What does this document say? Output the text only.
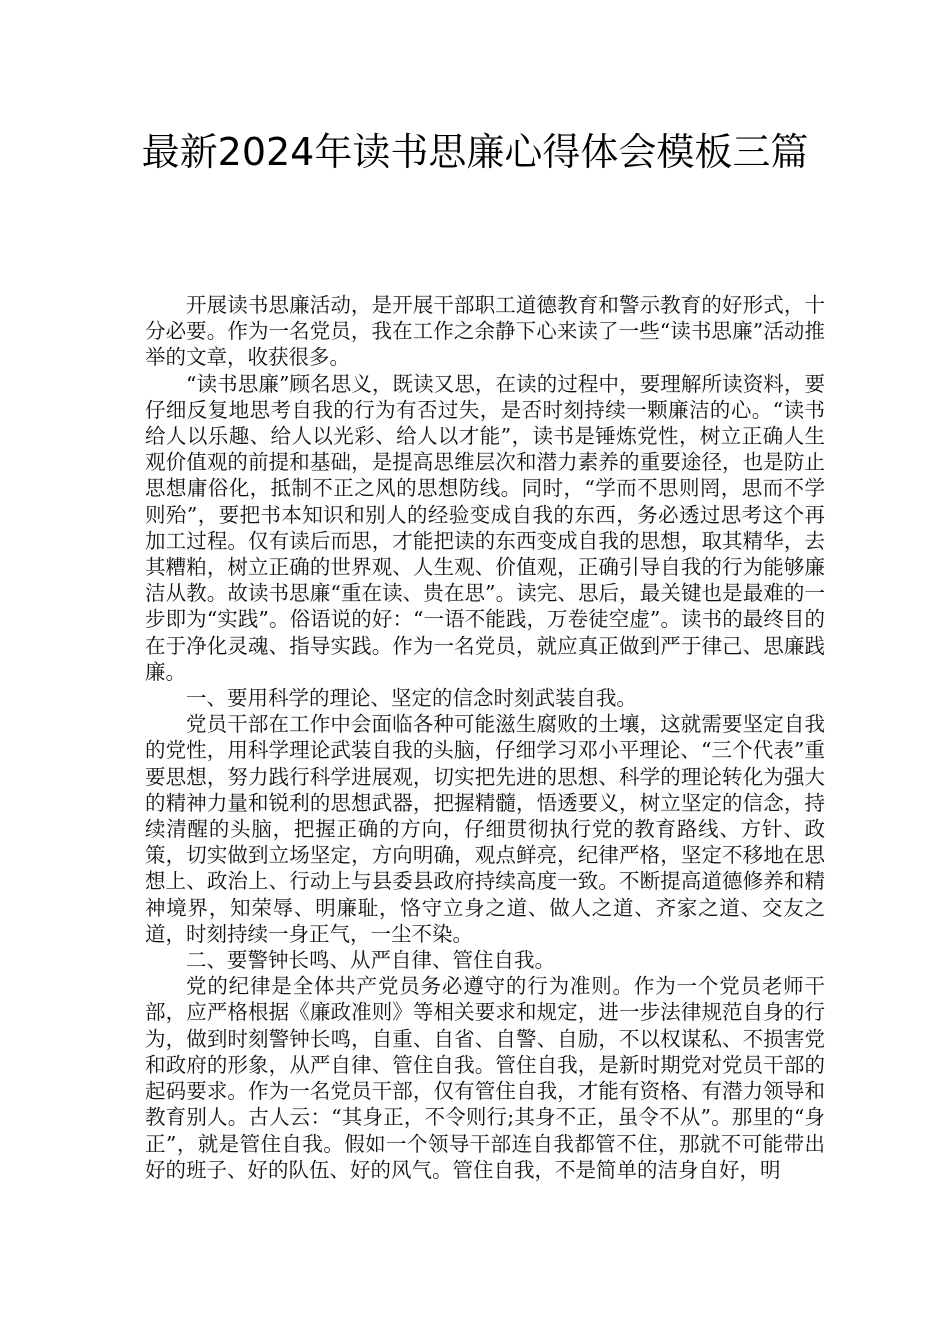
最新2024年读书思廉心得体会模板三篇

开展读书思廉活动，是开展干部职工道德教育和警示教育的好形式，十分必要。作为一名党员，我在工作之余静下心来读了一些“读书思廉”活动推举的文章，收获很多。

“读书思廉”顾名思义，既读又思，在读的过程中，要理解所读资料，要仔细反复地思考自我的行为有否过失，是否时刻持续一颗廉洁的心。“读书给人以乐趣、给人以光彩、给人以才能”，读书是锤炼党性，树立正确人生观价值观的前提和基础，是提高思维层次和潜力素养的重要途径，也是防止思想庸俗化，抵制不正之风的思想防线。同时，“学而不思则罔，思而不学则殆”，要把书本知识和别人的经验变成自我的东西，务必透过思考这个再加工过程。仅有读后而思，才能把读的东西变成自我的思想，取其精华，去其糟粕，树立正确的世界观、人生观、价值观，正确引导自我的行为能够廉洁从教。故读书思廉“重在读、贵在思”。读完、思后，最关键也是最难的一步即为“实践”。俗语说的好：“一语不能践，万卷徒空虚”。读书的最终目的在于净化灵魂、指导实践。作为一名党员，就应真正做到严于律己、思廉践廉。

一、要用科学的理论、坚定的信念时刻武装自我。

党员干部在工作中会面临各种可能滋生腐败的土壤，这就需要坚定自我的党性，用科学理论武装自我的头脑，仔细学习邓小平理论、“三个代表”重要思想，努力践行科学进展观，切实把先进的思想、科学的理论转化为强大的精神力量和锐利的思想武器，把握精髓，悟透要义，树立坚定的信念，持续清醒的头脑，把握正确的方向，仔细贯彻执行党的教育路线、方针、政策，切实做到立场坚定，方向明确，观点鲜亮，纪律严格，坚定不移地在思想上、政治上、行动上与县委县政府持续高度一致。不断提高道德修养和精神境界，知荣辱、明廉耻，恪守立身之道、做人之道、齐家之道、交友之道，时刻持续一身正气，一尘不染。

二、要警钟长鸣、从严自律、管住自我。

党的纪律是全体共产党员务必遵守的行为准则。作为一个党员老师干部，应严格根据《廉政准则》等相关要求和规定，进一步法律规范自身的行为，做到时刻警钟长鸣，自重、自省、自警、自励，不以权谋私、不损害党和政府的形象，从严自律、管住自我。管住自我，是新时期党对党员干部的起码要求。作为一名党员干部，仅有管住自我，才能有资格、有潜力领导和教育别人。古人云：“其身正，不令则行;其身不正，虽令不从”。那里的“身正”，就是管住自我。假如一个领导干部连自我都管不住，那就不可能带出好的班子、好的队伍、好的风气。管住自我，不是简单的洁身自好，明
